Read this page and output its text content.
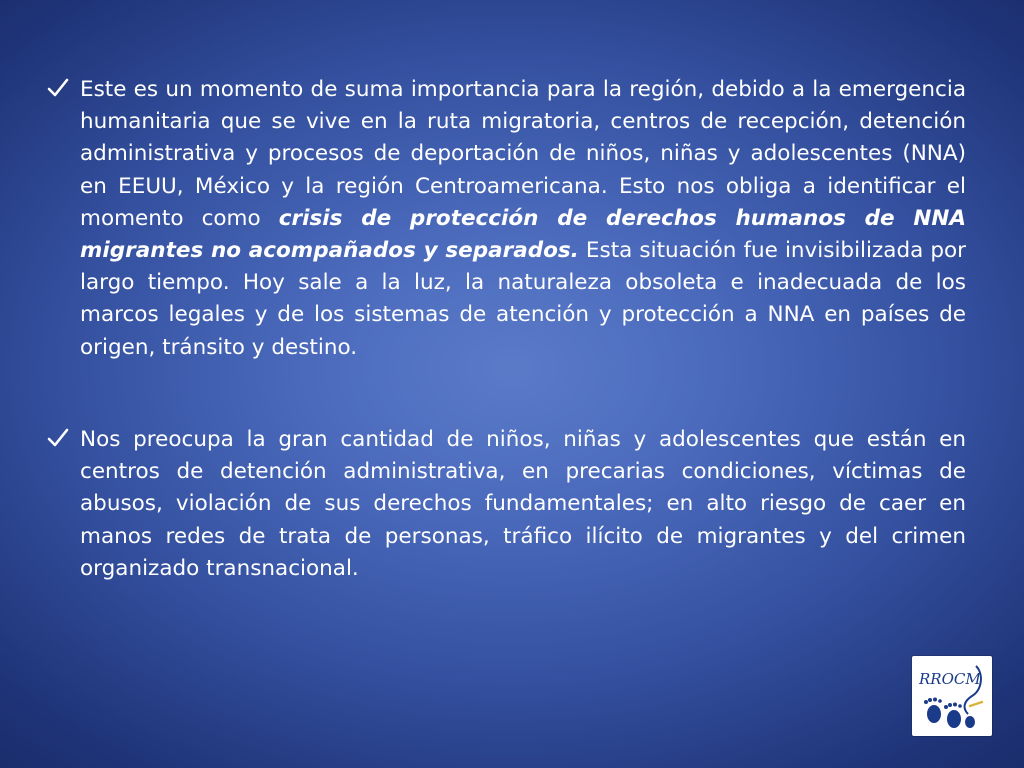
Este es un momento de suma importancia para la región, debido a la emergencia humanitaria que se vive en la ruta migratoria, centros de recepción, detención administrativa y procesos de deportación de niños, niñas y adolescentes (NNA) en EEUU, México y la región Centroamericana. Esto nos obliga a identificar el momento como crisis de protección de derechos humanos de NNA migrantes no acompañados y separados. Esta situación fue invisibilizada por largo tiempo. Hoy sale a la luz, la naturaleza obsoleta e inadecuada de los marcos legales y de los sistemas de atención y protección a NNA en países de origen, tránsito y destino.

Nos preocupa la gran cantidad de niños, niñas y adolescentes que están en centros de detención administrativa, en precarias condiciones, víctimas de abusos, violación de sus derechos fundamentales; en alto riesgo de caer en manos redes de trata de personas, tráfico ilícito de migrantes y del crimen organizado transnacional.

RROCM
